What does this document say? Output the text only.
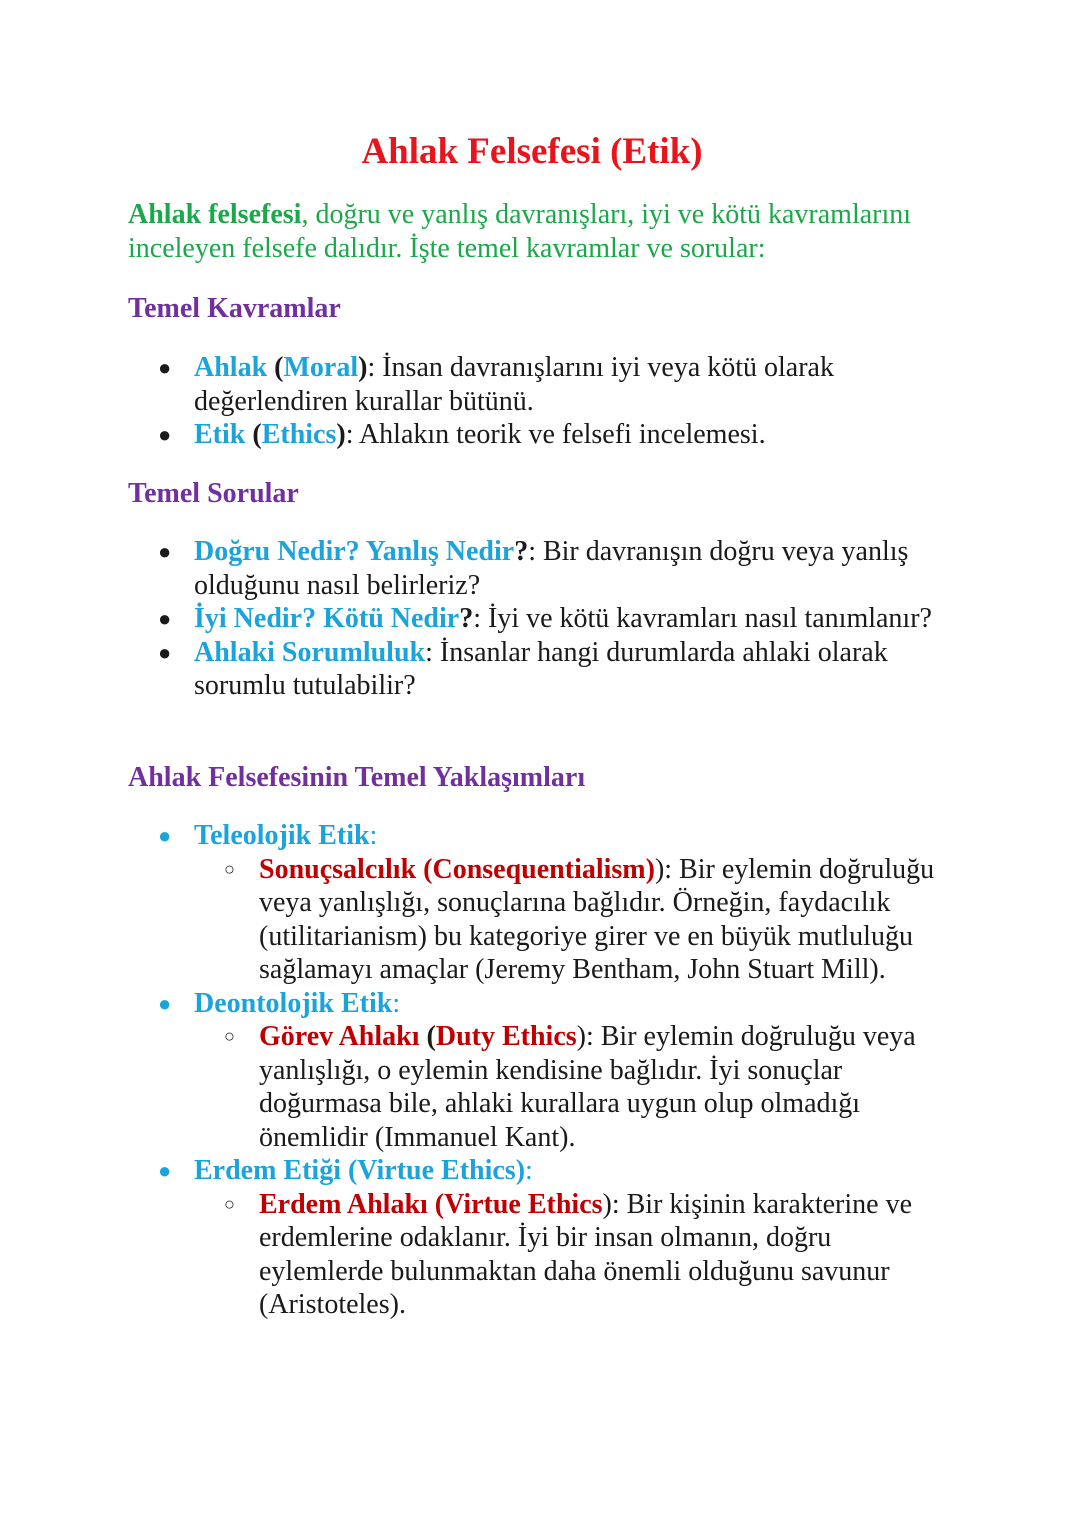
Ahlak Felsefesi (Etik)

Ahlak felsefesi, doğru ve yanlış davranışları, iyi ve kötü kavramlarını inceleyen felsefe dalıdır. İşte temel kavramlar ve sorular:

Temel Kavramlar
● Ahlak (Moral): İnsan davranışlarını iyi veya kötü olarak değerlendiren kurallar bütünü.
● Etik (Ethics): Ahlakın teorik ve felsefi incelemesi.
Temel Sorular
● Doğru Nedir? Yanlış Nedir?: Bir davranışın doğru veya yanlış olduğunu nasıl belirleriz?
● İyi Nedir? Kötü Nedir?: İyi ve kötü kavramları nasıl tanımlanır?
● Ahlaki Sorumluluk: İnsanlar hangi durumlarda ahlaki olarak sorumlu tutulabilir?
Ahlak Felsefesinin Temel Yaklaşımları
● Teleolojik Etik:
○ Sonuçsalcılık (Consequentialism)): Bir eylemin doğruluğu veya yanlışlığı, sonuçlarına bağlıdır. Örneğin, faydacılık (utilitarianism) bu kategoriye girer ve en büyük mutluluğu sağlamayı amaçlar (Jeremy Bentham, John Stuart Mill).
● Deontolojik Etik:
○ Görev Ahlakı (Duty Ethics): Bir eylemin doğruluğu veya yanlışlığı, o eylemin kendisine bağlıdır. İyi sonuçlar doğurmasa bile, ahlaki kurallara uygun olup olmadığı önemlidir (Immanuel Kant).
● Erdem Etiği (Virtue Ethics):
○ Erdem Ahlakı (Virtue Ethics): Bir kişinin karakterine ve erdemlerine odaklanır. İyi bir insan olmanın, doğru eylemlerde bulunmaktan daha önemli olduğunu savunur (Aristoteles).
